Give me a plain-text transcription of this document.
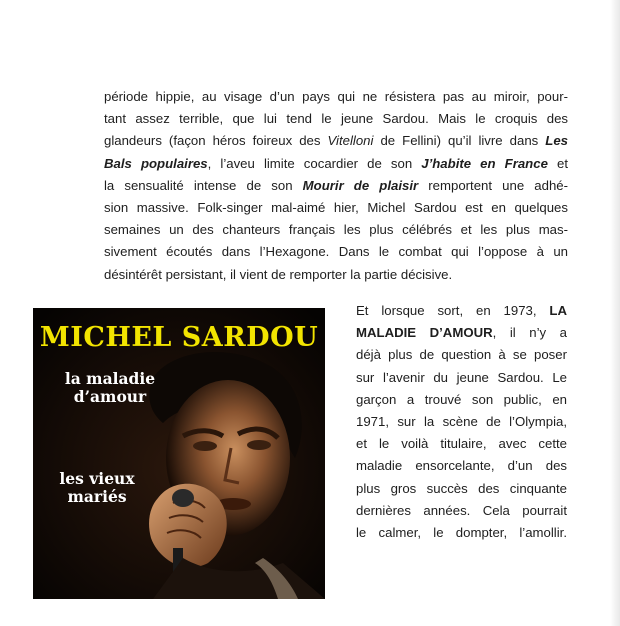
période hippie, au visage d’un pays qui ne résistera pas au miroir, pour-
tant assez terrible, que lui tend le jeune Sardou. Mais le croquis des
glandeurs (façon héros foireux des Vitelloni de Fellini) qu’il livre dans Les
Bals populaires, l’aveu limite cocardier de son J’habite en France et
la sensualité intense de son Mourir de plaisir remportent une adhé-
sion massive. Folk-singer mal-aimé hier, Michel Sardou est en quelques
semaines un des chanteurs français les plus célébrés et les plus mas-
sivement écoutés dans l’Hexagone. Dans le combat qui l’oppose à un
désintérêt persistant, il vient de remporter la partie décisive.
MICHEL SARDOU
la maladie
d’amour
les vieux
mariés
Et lorsque sort, en 1973, LA
MALADIE D’AMOUR, il n’y a
déjà plus de question à se poser
sur l’avenir du jeune Sardou. Le
garçon a trouvé son public, en
1971, sur la scène de l’Olympia,
et le voilà titulaire, avec cette
maladie ensorcelante, d’un des
plus gros succès des cinquante
dernières années. Cela pourrait
le calmer, le dompter, l’amollir.
